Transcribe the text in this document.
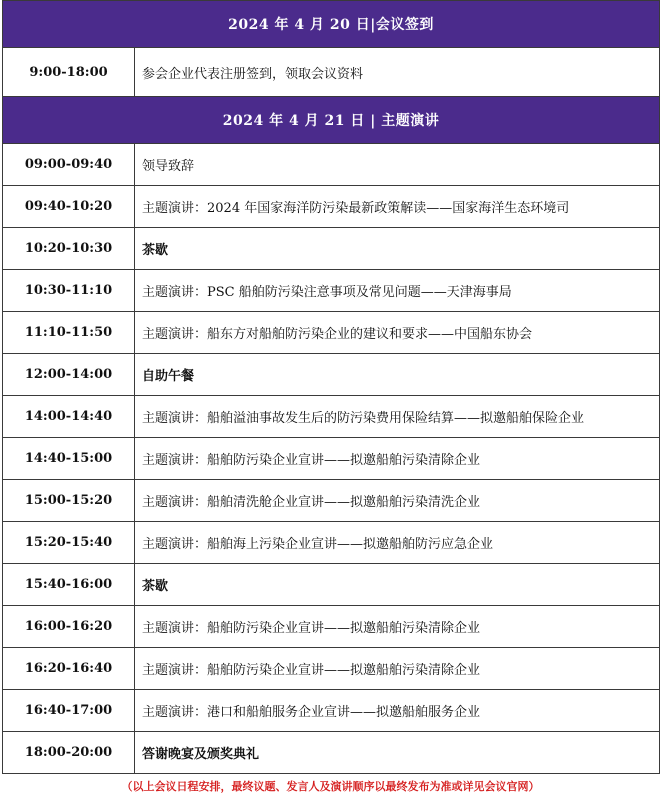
2024 年 4 月 20 日|会议签到	
9:00-18:00	参会企业代表注册签到，领取会议资料
2024 年 4 月 21 日 | 主题演讲	
09:00-09:40	领导致辞
09:40-10:20	主题演讲：2024 年国家海洋防污染最新政策解读——国家海洋生态环境司
10:20-10:30	茶歇
10:30-11:10	主题演讲：PSC 船舶防污染注意事项及常见问题——天津海事局
11:10-11:50	主题演讲：船东方对船舶防污染企业的建议和要求——中国船东协会
12:00-14:00	自助午餐
14:00-14:40	主题演讲：船舶溢油事故发生后的防污染费用保险结算——拟邀船舶保险企业
14:40-15:00	主题演讲：船舶防污染企业宣讲——拟邀船舶污染清除企业
15:00-15:20	主题演讲：船舶清洗舱企业宣讲——拟邀船舶污染清洗企业
15:20-15:40	主题演讲：船舶海上污染企业宣讲——拟邀船舶防污应急企业
15:40-16:00	茶歇
16:00-16:20	主题演讲：船舶防污染企业宣讲——拟邀船舶污染清除企业
16:20-16:40	主题演讲：船舶防污染企业宣讲——拟邀船舶污染清除企业
16:40-17:00	主题演讲：港口和船舶服务企业宣讲——拟邀船舶服务企业
18:00-20:00	答谢晚宴及颁奖典礼
（以上会议日程安排，最终议题、发言人及演讲顺序以最终发布为准或详见会议官网）
